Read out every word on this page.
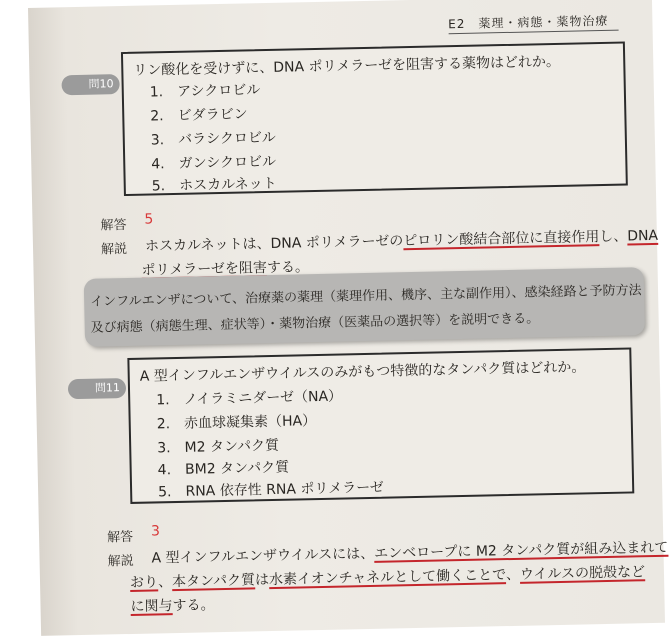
E2　薬理・病態・薬物治療
問10
リン酸化を受けずに、DNA ポリメラーゼを阻害する薬物はどれか。
1.　アシクロビル
2.　ビダラビン
3.　バラシクロビル
4.　ガンシクロビル
5.　ホスカルネット
解答 5
解説 ホスカルネットは、DNA ポリメラーゼのピロリン酸結合部位に直接作用し、DNA
ポリメラーゼを阻害する。
インフルエンザについて、治療薬の薬理（薬理作用、機序、主な副作用）、感染経路と予防方法
及び病態（病態生理、症状等）・薬物治療（医薬品の選択等）を説明できる。
問11
A 型インフルエンザウイルスのみがもつ特徴的なタンパク質はどれか。
1.　ノイラミニダーゼ（NA）
2.　赤血球凝集素（HA）
3.　M2 タンパク質
4.　BM2 タンパク質
5.　RNA 依存性 RNA ポリメラーゼ
解答 3
解説 A 型インフルエンザウイルスには、エンベロープに M2 タンパク質が組み込まれて
おり、本タンパク質は水素イオンチャネルとして働くことで、ウイルスの脱殻など
に関与する。
